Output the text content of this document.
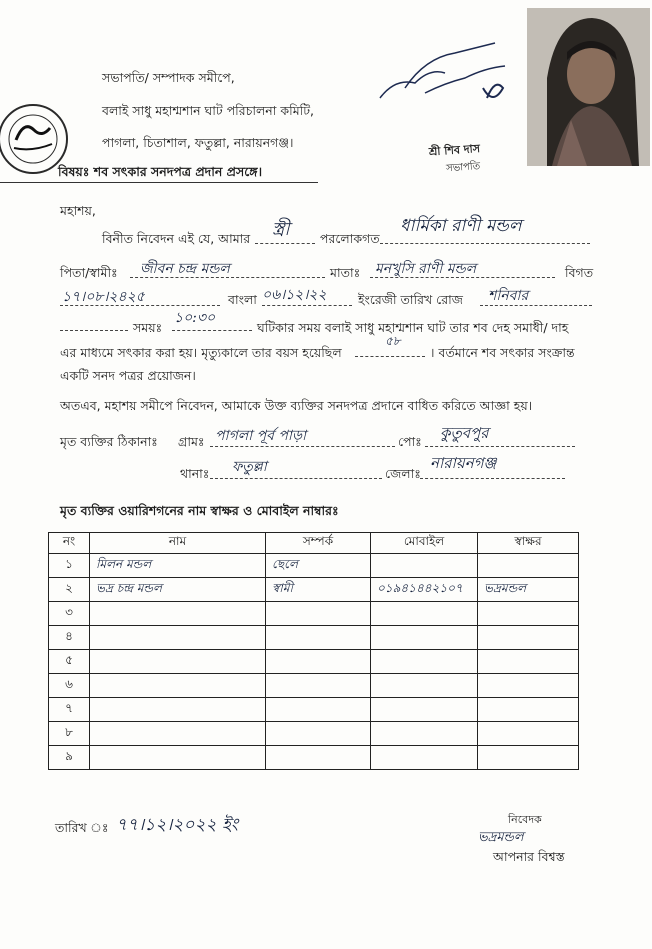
সভাপতি/ সম্পাদক সমীপে,
বলাই সাধু মহাশ্মশান ঘাট পরিচালনা কমিটি,
পাগলা, চিতাশাল, ফতুল্লা, নারায়নগঞ্জ।	শ্রী শিব দাস
সভাপতি
বিষয়ঃ শব সৎকার সনদপত্র প্রদান প্রসঙ্গে।
মহাশয়,
বিনীত নিবেদন এই যে, আমার স্ত্রী পরলোকগত
ধার্মিকা রাণী মন্ডল
পিতা/স্বামীঃ জীবন চন্দ্র মন্ডল	মাতাঃ মনখুসি রাণী মন্ডল	বিগত
১৭।০৮।২৪২৫	বাংলা ০৬।১২।২২	ইংরেজী তারিখ রোজ শনিবার
সময়ঃ
১০:৩০
ঘটিকার সময় বলাই সাধু মহাশ্মশান ঘাট তার শব দেহ সমাধী/ দাহ
এর মাধ্যমে সৎকার করা হয়। মৃত্যুকালে তার বয়স হয়েছিল
৫৮
। বর্তমানে শব সৎকার সংক্রান্ত
একটি সনদ পত্রর প্রয়োজন।
অতএব, মহাশয় সমীপে নিবেদন, আমাকে উক্ত ব্যক্তির সনদপত্র প্রদানে বাধিত করিতে আজ্ঞা হয়।
মৃত ব্যক্তির ঠিকানাঃ গ্রামঃ পাগলা পূর্ব পাড়া	পোঃ কুতুবপুর
থানাঃ ফতুল্লা	জেলাঃ
নারায়নগঞ্জ
মৃত ব্যক্তির ওয়ারিশগনের নাম স্বাক্ষর ও মোবাইল নাম্বারঃ
নং	নাম	সম্পর্ক	মোবাইল	স্বাক্ষর
১	মিলন মন্ডল	ছেলে		
২	ভদ্র চন্দ্র মন্ডল	স্বামী	০১৯৪১৪৪২১০৭	ভদ্রমন্ডল
৩				
৪				
৫				
৬				
৭				
৮				
৯				
তারিখ ঃ ৭৭।১২।২০২২ ইং	নিবেদক
ভদ্রমন্ডল
আপনার বিশ্বস্ত
